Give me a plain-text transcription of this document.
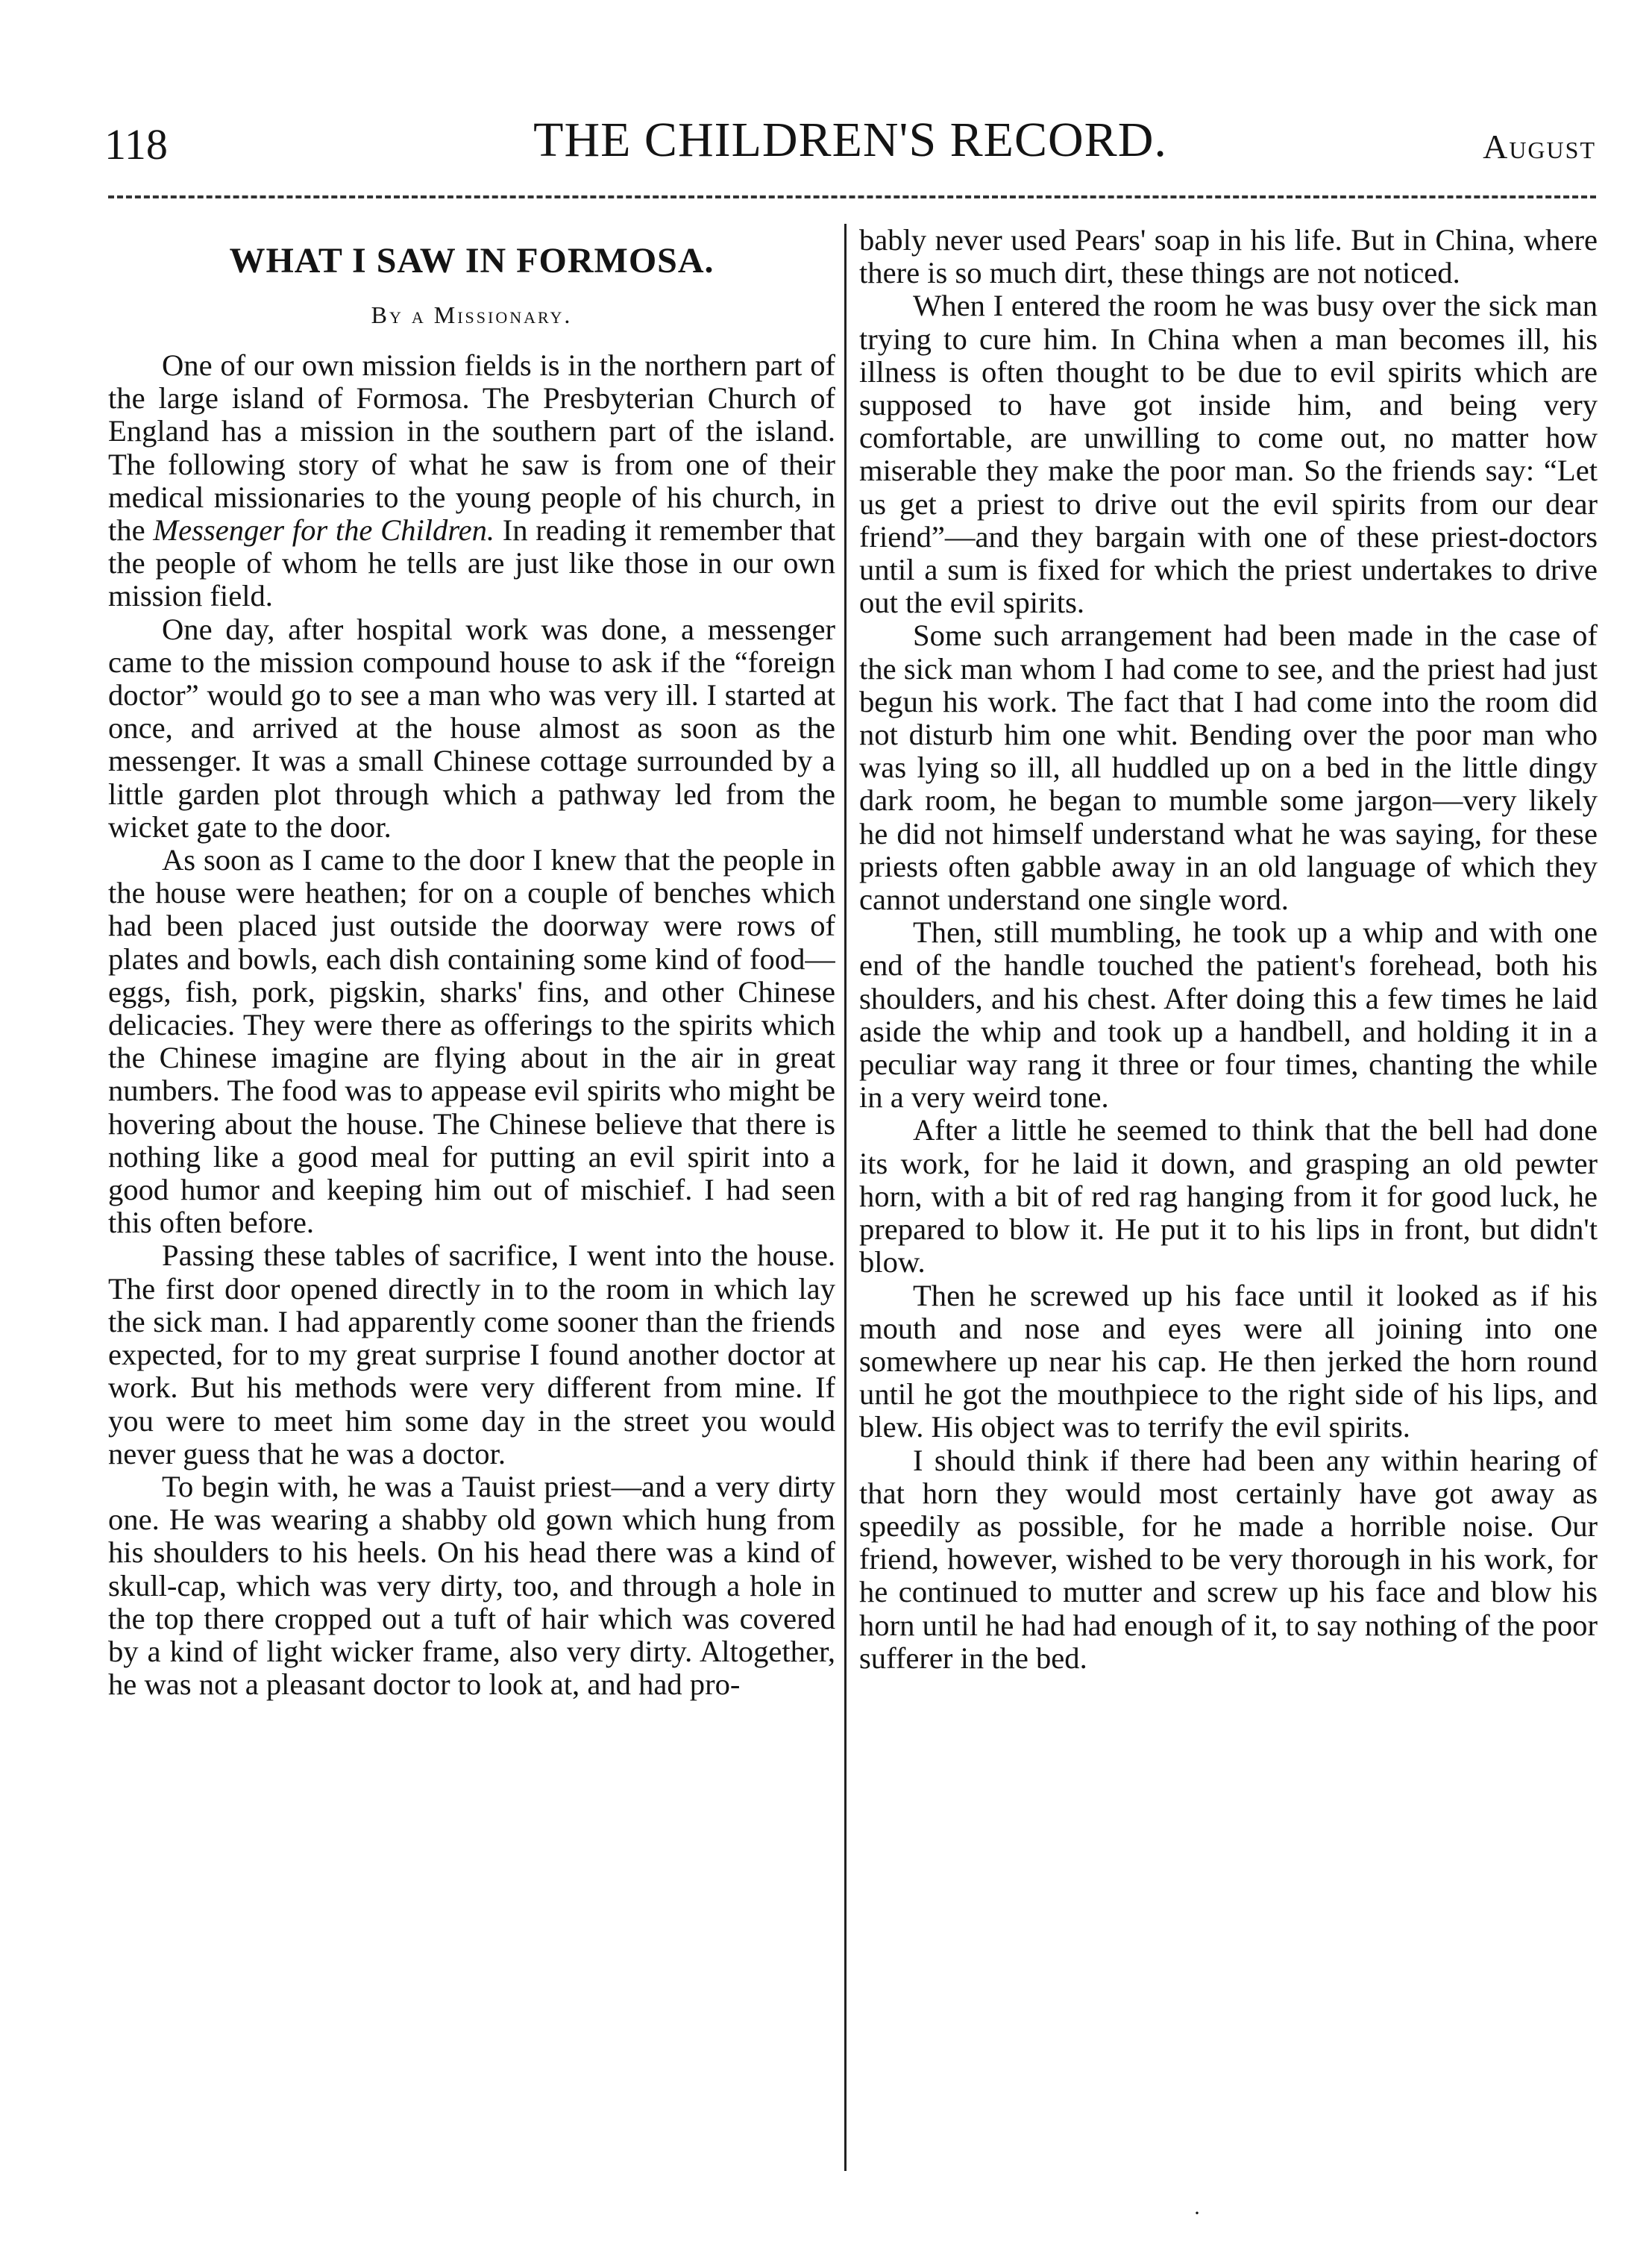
118	THE CHILDREN'S RECORD.	August
WHAT I SAW IN FORMOSA.
By a Missionary.

One of our own mission fields is in the northern part of the large island of Formosa. The Presbyterian Church of England has a mission in the southern part of the island. The following story of what he saw is from one of their medical missionaries to the young people of his church, in the Messenger for the Children. In reading it remember that the people of whom he tells are just like those in our own mission field.

One day, after hospital work was done, a messenger came to the mission compound house to ask if the “foreign doctor” would go to see a man who was very ill. I started at once, and arrived at the house almost as soon as the messenger. It was a small Chinese cottage surrounded by a little garden plot through which a pathway led from the wicket gate to the door.

As soon as I came to the door I knew that the people in the house were heathen; for on a couple of benches which had been placed just outside the doorway were rows of plates and bowls, each dish containing some kind of food—eggs, fish, pork, pigskin, sharks' fins, and other Chinese delicacies. They were there as offerings to the spirits which the Chinese imagine are flying about in the air in great numbers. The food was to appease evil spirits who might be hovering about the house. The Chinese believe that there is nothing like a good meal for putting an evil spirit into a good humor and keeping him out of mischief. I had seen this often before.

Passing these tables of sacrifice, I went into the house. The first door opened directly in to the room in which lay the sick man. I had apparently come sooner than the friends expected, for to my great surprise I found another doctor at work. But his methods were very different from mine. If you were to meet him some day in the street you would never guess that he was a doctor.

To begin with, he was a Tauist priest—and a very dirty one. He was wearing a shabby old gown which hung from his shoulders to his heels. On his head there was a kind of skull-cap, which was very dirty, too, and through a hole in the top there cropped out a tuft of hair which was covered by a kind of light wicker frame, also very dirty. Altogether, he was not a pleasant doctor to look at, and had pro-

bably never used Pears' soap in his life. But in China, where there is so much dirt, these things are not noticed.

When I entered the room he was busy over the sick man trying to cure him. In China when a man becomes ill, his illness is often thought to be due to evil spirits which are supposed to have got inside him, and being very comfortable, are unwilling to come out, no matter how miserable they make the poor man. So the friends say: “Let us get a priest to drive out the evil spirits from our dear friend”—and they bargain with one of these priest-doctors until a sum is fixed for which the priest undertakes to drive out the evil spirits.

Some such arrangement had been made in the case of the sick man whom I had come to see, and the priest had just begun his work. The fact that I had come into the room did not disturb him one whit. Bending over the poor man who was lying so ill, all huddled up on a bed in the little dingy dark room, he began to mumble some jargon—very likely he did not himself understand what he was saying, for these priests often gabble away in an old language of which they cannot understand one single word.

Then, still mumbling, he took up a whip and with one end of the handle touched the patient's forehead, both his shoulders, and his chest. After doing this a few times he laid aside the whip and took up a handbell, and holding it in a peculiar way rang it three or four times, chanting the while in a very weird tone.

After a little he seemed to think that the bell had done its work, for he laid it down, and grasping an old pewter horn, with a bit of red rag hanging from it for good luck, he prepared to blow it. He put it to his lips in front, but didn't blow.

Then he screwed up his face until it looked as if his mouth and nose and eyes were all joining into one somewhere up near his cap. He then jerked the horn round until he got the mouthpiece to the right side of his lips, and blew. His object was to terrify the evil spirits.

I should think if there had been any within hearing of that horn they would most certainly have got away as speedily as possible, for he made a horrible noise. Our friend, however, wished to be very thorough in his work, for he continued to mutter and screw up his face and blow his horn until he had had enough of it, to say nothing of the poor sufferer in the bed.

·
